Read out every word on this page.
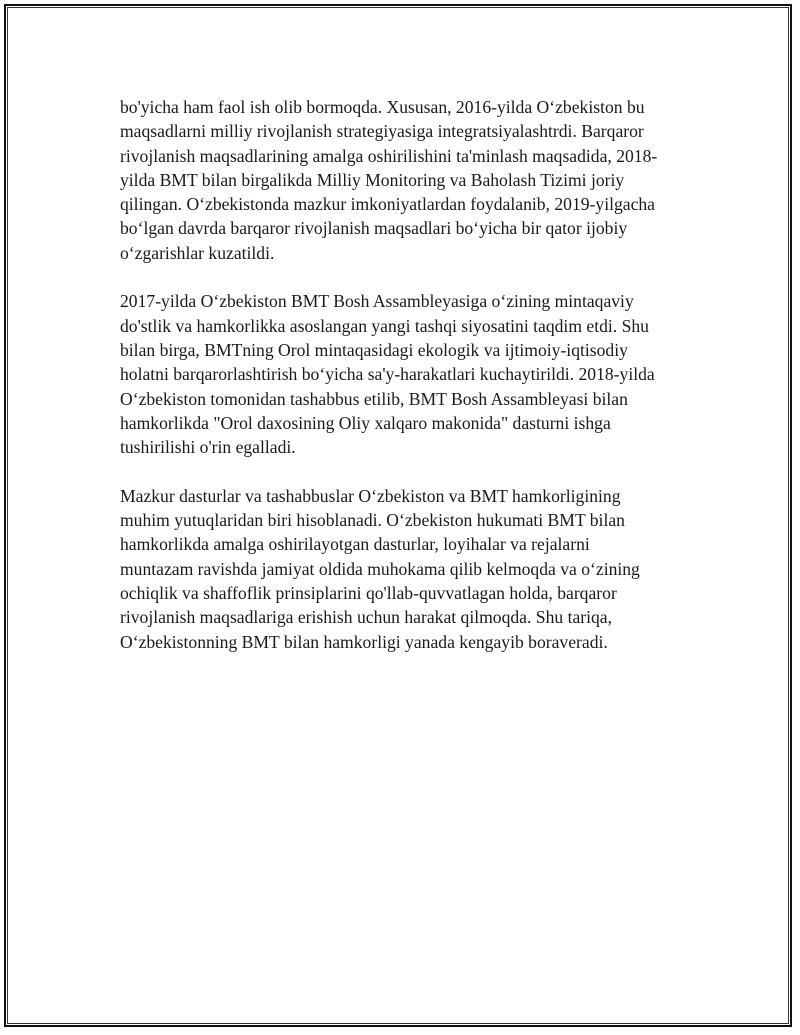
bo'yicha ham faol ish olib bormoqda. Xususan, 2016-yilda O‘zbekiston bu
maqsadlarni milliy rivojlanish strategiyasiga integratsiyalashtrdi. Barqaror
rivojlanish maqsadlarining amalga oshirilishini ta'minlash maqsadida, 2018-
yilda BMT bilan birgalikda Milliy Monitoring va Baholash Tizimi joriy
qilingan. O‘zbekistonda mazkur imkoniyatlardan foydalanib, 2019-yilgacha
bo‘lgan davrda barqaror rivojlanish maqsadlari bo‘yicha bir qator ijobiy
o‘zgarishlar kuzatildi.

2017-yilda O‘zbekiston BMT Bosh Assambleyasiga o‘zining mintaqaviy
do'stlik va hamkorlikka asoslangan yangi tashqi siyosatini taqdim etdi. Shu
bilan birga, BMTning Orol mintaqasidagi ekologik va ijtimoiy-iqtisodiy
holatni barqarorlashtirish bo‘yicha sa'y-harakatlari kuchaytirildi. 2018-yilda
O‘zbekiston tomonidan tashabbus etilib, BMT Bosh Assambleyasi bilan
hamkorlikda "Orol daxosining Oliy xalqaro makonida" dasturni ishga
tushirilishi o'rin egalladi.

Mazkur dasturlar va tashabbuslar O‘zbekiston va BMT hamkorligining
muhim yutuqlaridan biri hisoblanadi. O‘zbekiston hukumati BMT bilan
hamkorlikda amalga oshirilayotgan dasturlar, loyihalar va rejalarni
muntazam ravishda jamiyat oldida muhokama qilib kelmoqda va o‘zining
ochiqlik va shaffoflik prinsiplarini qo'llab-quvvatlagan holda, barqaror
rivojlanish maqsadlariga erishish uchun harakat qilmoqda. Shu tariqa,
O‘zbekistonning BMT bilan hamkorligi yanada kengayib boraveradi.
